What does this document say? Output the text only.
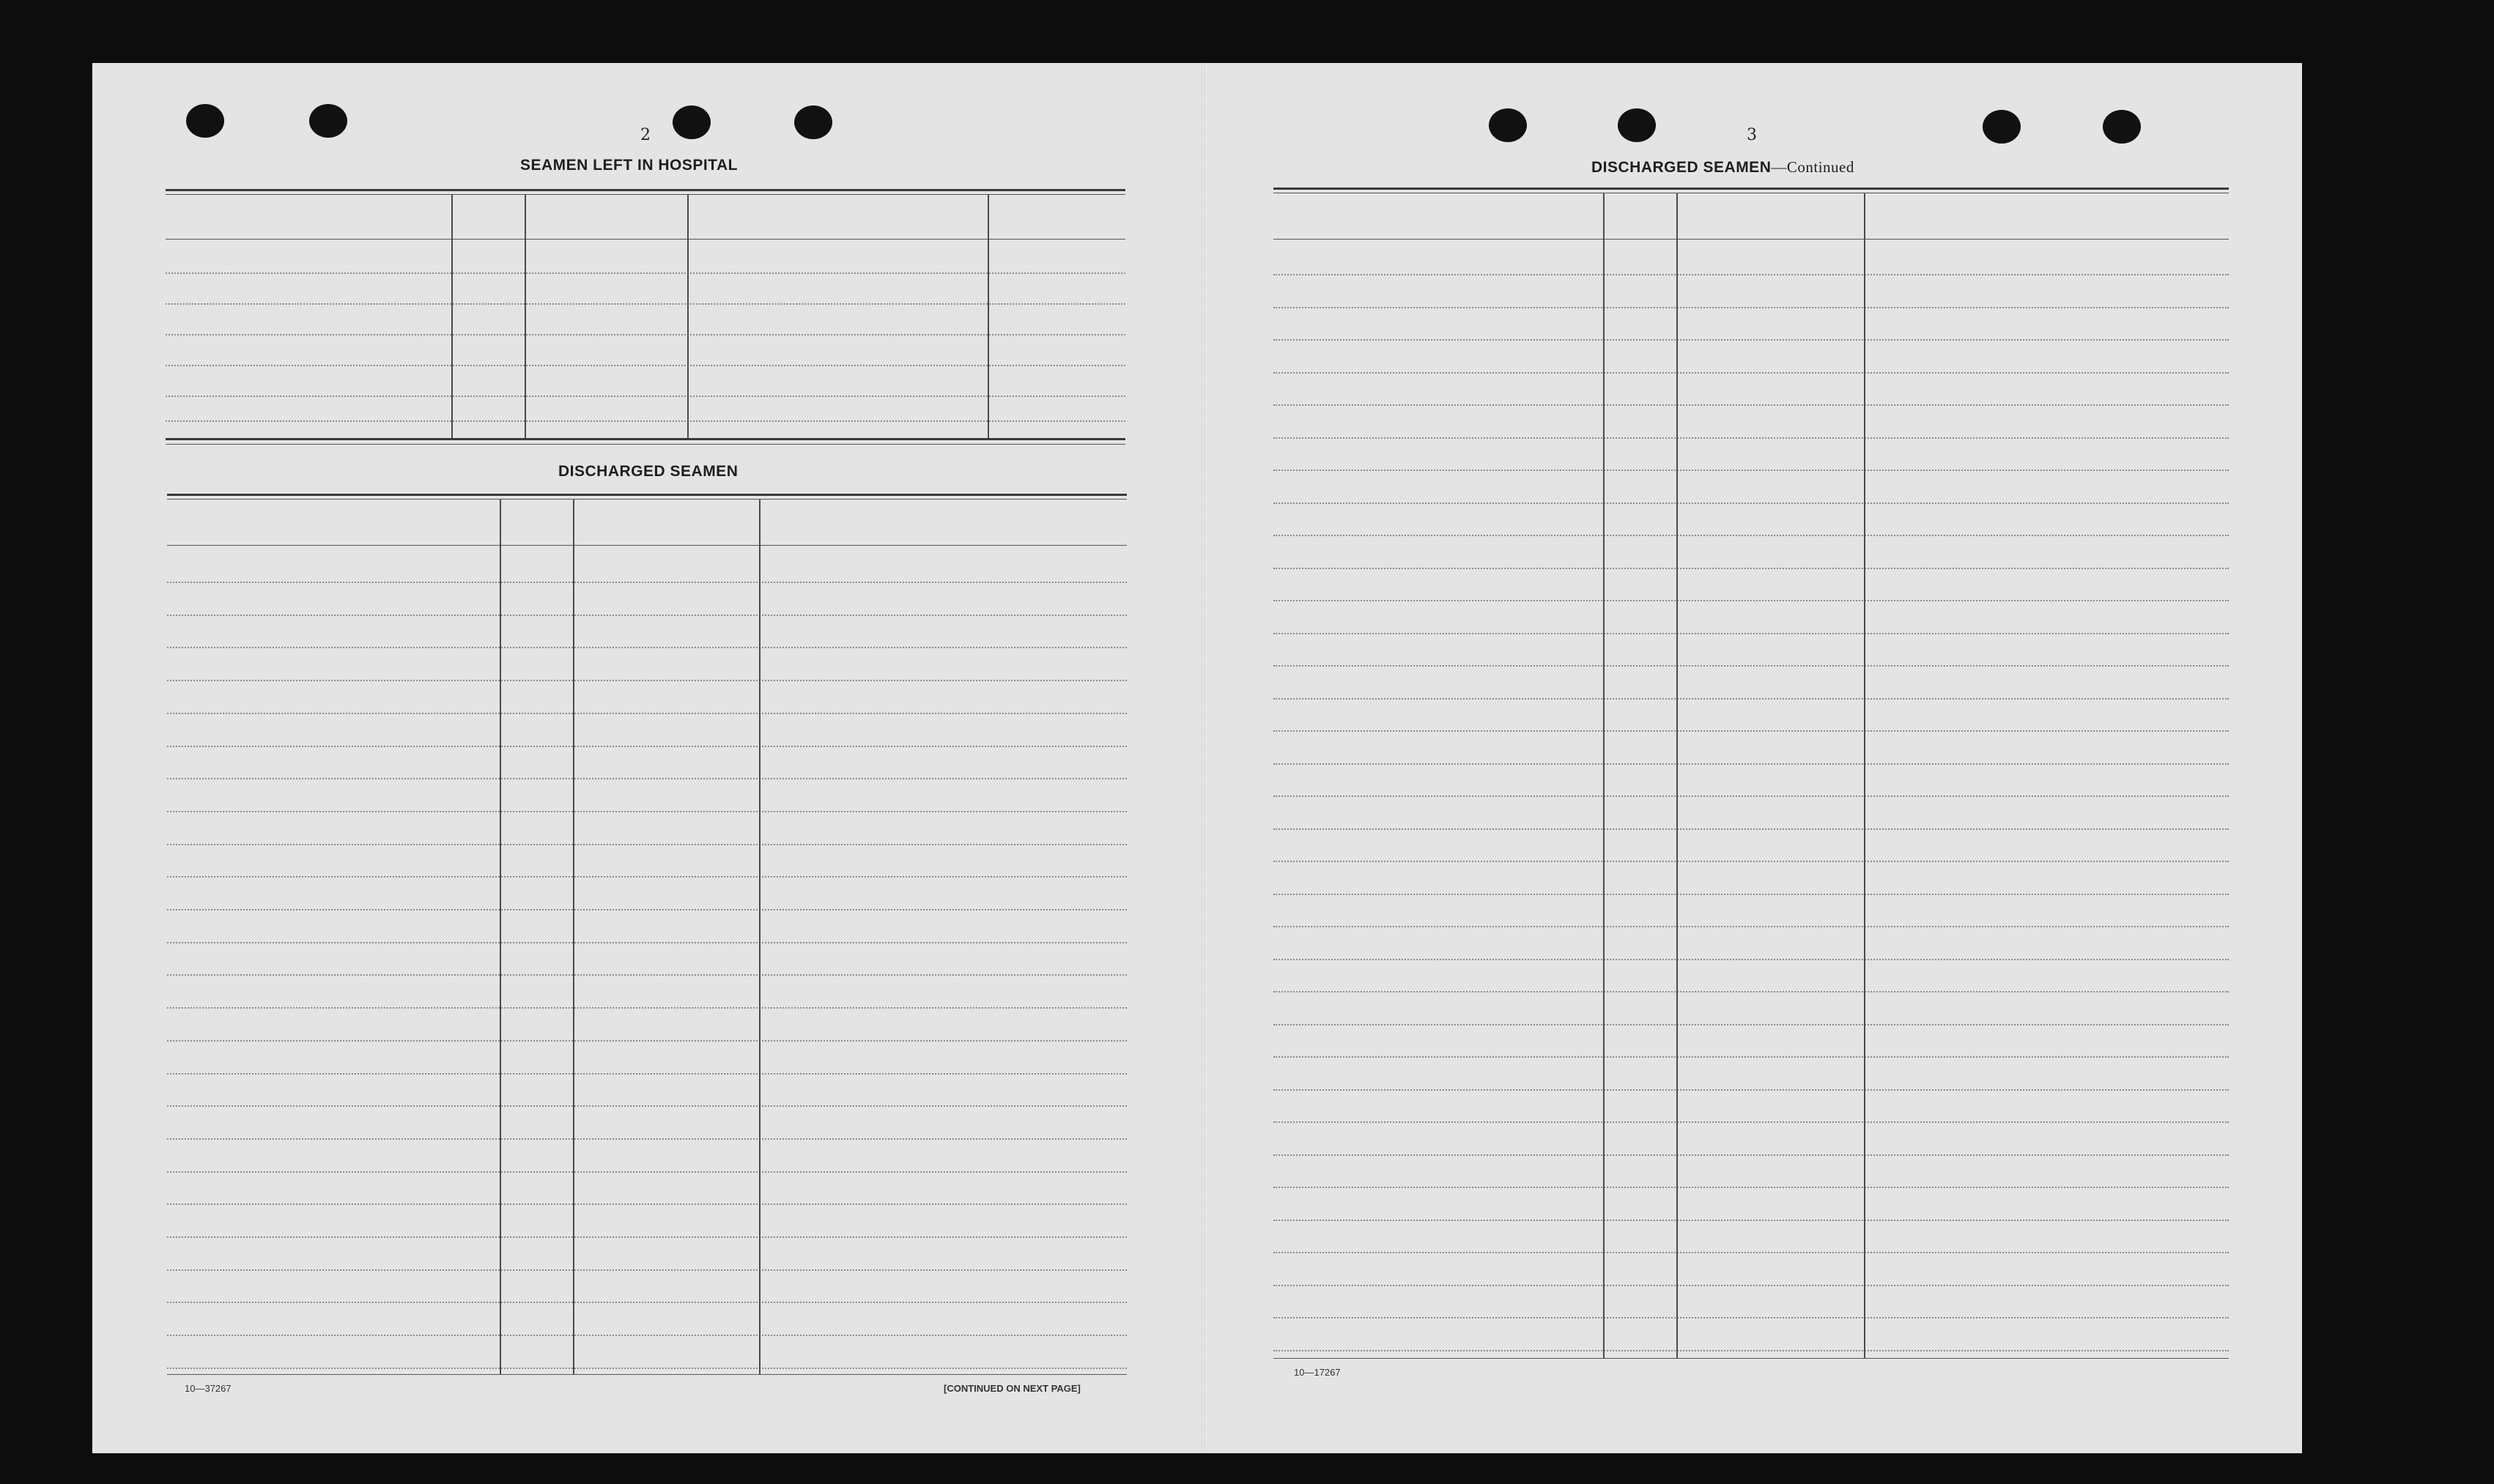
2
SEAMEN LEFT IN HOSPITAL
DISCHARGED SEAMEN
10—37267	[CONTINUED ON NEXT PAGE]
3
DISCHARGED SEAMEN—Continued
10—17267
